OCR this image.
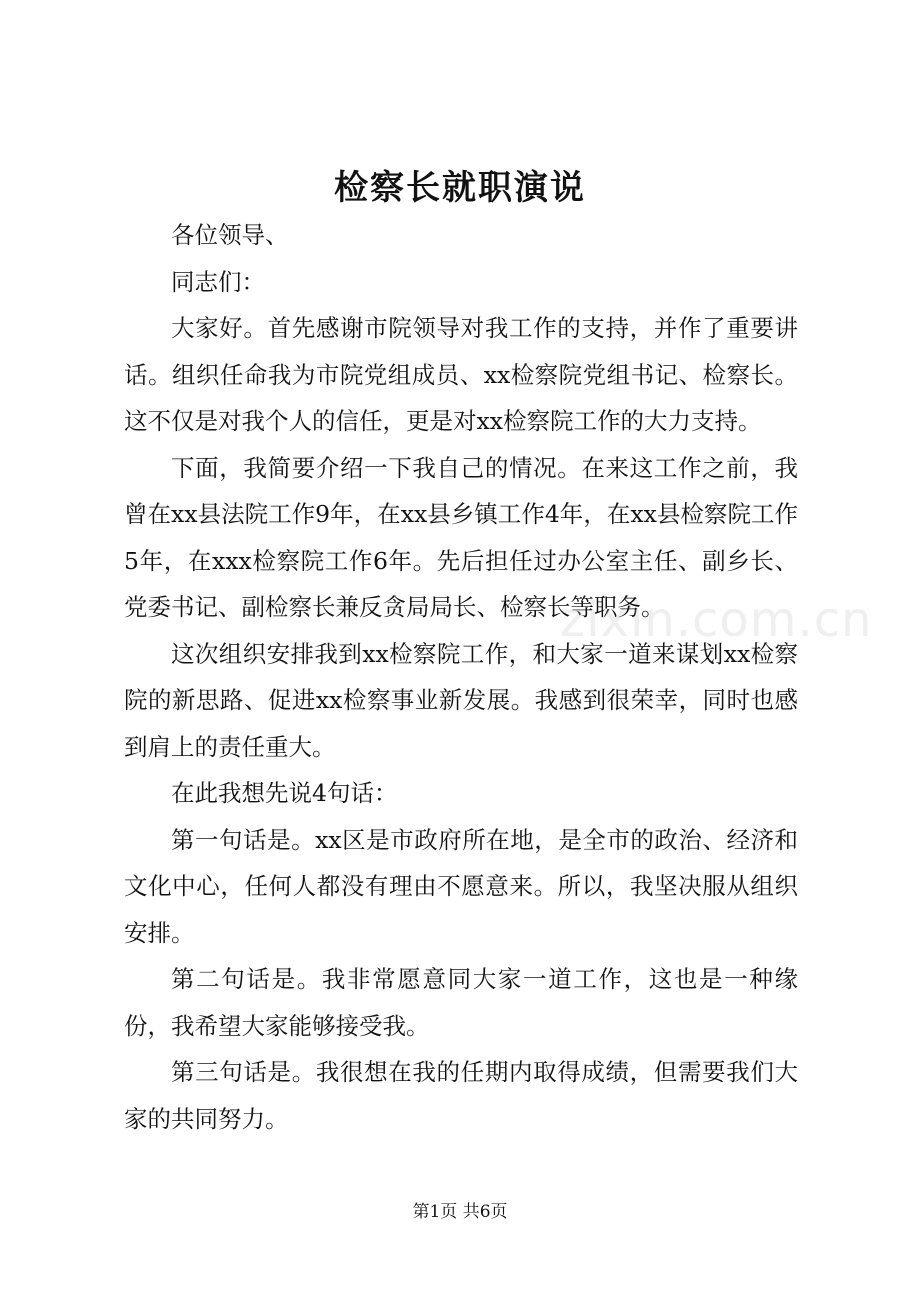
检察长就职演说

各位领导、

同志们：

大家好。首先感谢市院领导对我工作的支持，并作了重要讲话。组织任命我为市院党组成员、xx检察院党组书记、检察长。这不仅是对我个人的信任，更是对xx检察院工作的大力支持。

下面，我简要介绍一下我自己的情况。在来这工作之前，我曾在xx县法院工作9年，在xx县乡镇工作4年，在xx县检察院工作5年，在xxx检察院工作6年。先后担任过办公室主任、副乡长、党委书记、副检察长兼反贪局局长、检察长等职务。

这次组织安排我到xx检察院工作，和大家一道来谋划xx检察院的新思路、促进xx检察事业新发展。我感到很荣幸，同时也感到肩上的责任重大。

在此我想先说4句话：

第一句话是。xx区是市政府所在地，是全市的政治、经济和文化中心，任何人都没有理由不愿意来。所以，我坚决服从组织安排。

第二句话是。我非常愿意同大家一道工作，这也是一种缘份，我希望大家能够接受我。

第三句话是。我很想在我的任期内取得成绩，但需要我们大家的共同努力。

zixin.com.cn
第1页 共6页
